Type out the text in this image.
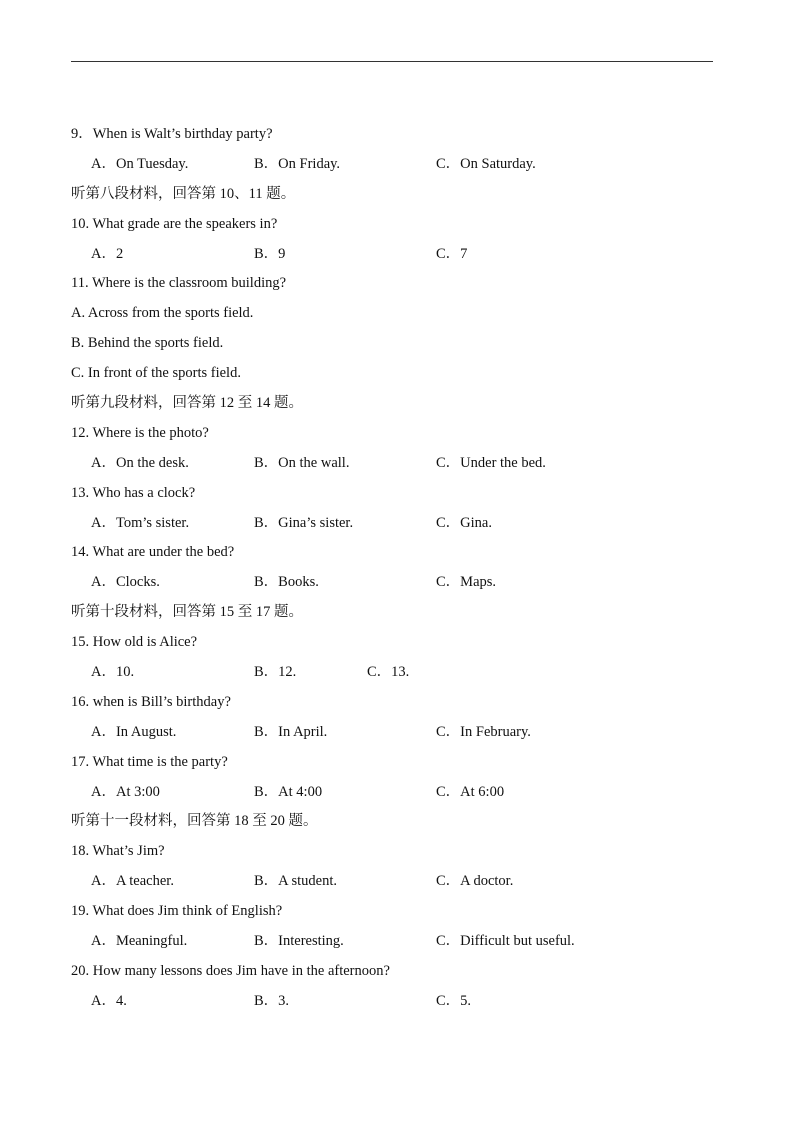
9．When is Walt’s birthday party?
A．On Tuesday.	B．On Friday.	C．On Saturday.
听第八段材料，回答第 10、11 题。
10. What grade are the speakers in?
A．2	B．9	C．7
11. Where is the classroom building?
A. Across from the sports field.
B. Behind the sports field.
C. In front of the sports field.
听第九段材料，回答第 12 至 14 题。
12. Where is the photo?
A．On the desk.	B．On the wall.	C．Under the bed.
13. Who has a clock?
A．Tom’s sister.	B．Gina’s sister.	C．Gina.
14. What are under the bed?
A．Clocks.	B．Books.	C．Maps.
听第十段材料，回答第 15 至 17 题。
15. How old is Alice?
A．10.	B．12.	C．13.
16. when is Bill’s birthday?
A．In August.	B．In April.	C．In February.
17. What time is the party?
A．At 3:00	B．At 4:00	C．At 6:00
听第十一段材料，回答第 18 至 20 题。
18. What’s Jim?
A．A teacher.	B．A student.	C．A doctor.
19. What does Jim think of English?
A．Meaningful.	B．Interesting.	C．Difficult but useful.
20. How many lessons does Jim have in the afternoon?
A．4.	B．3.	C．5.
